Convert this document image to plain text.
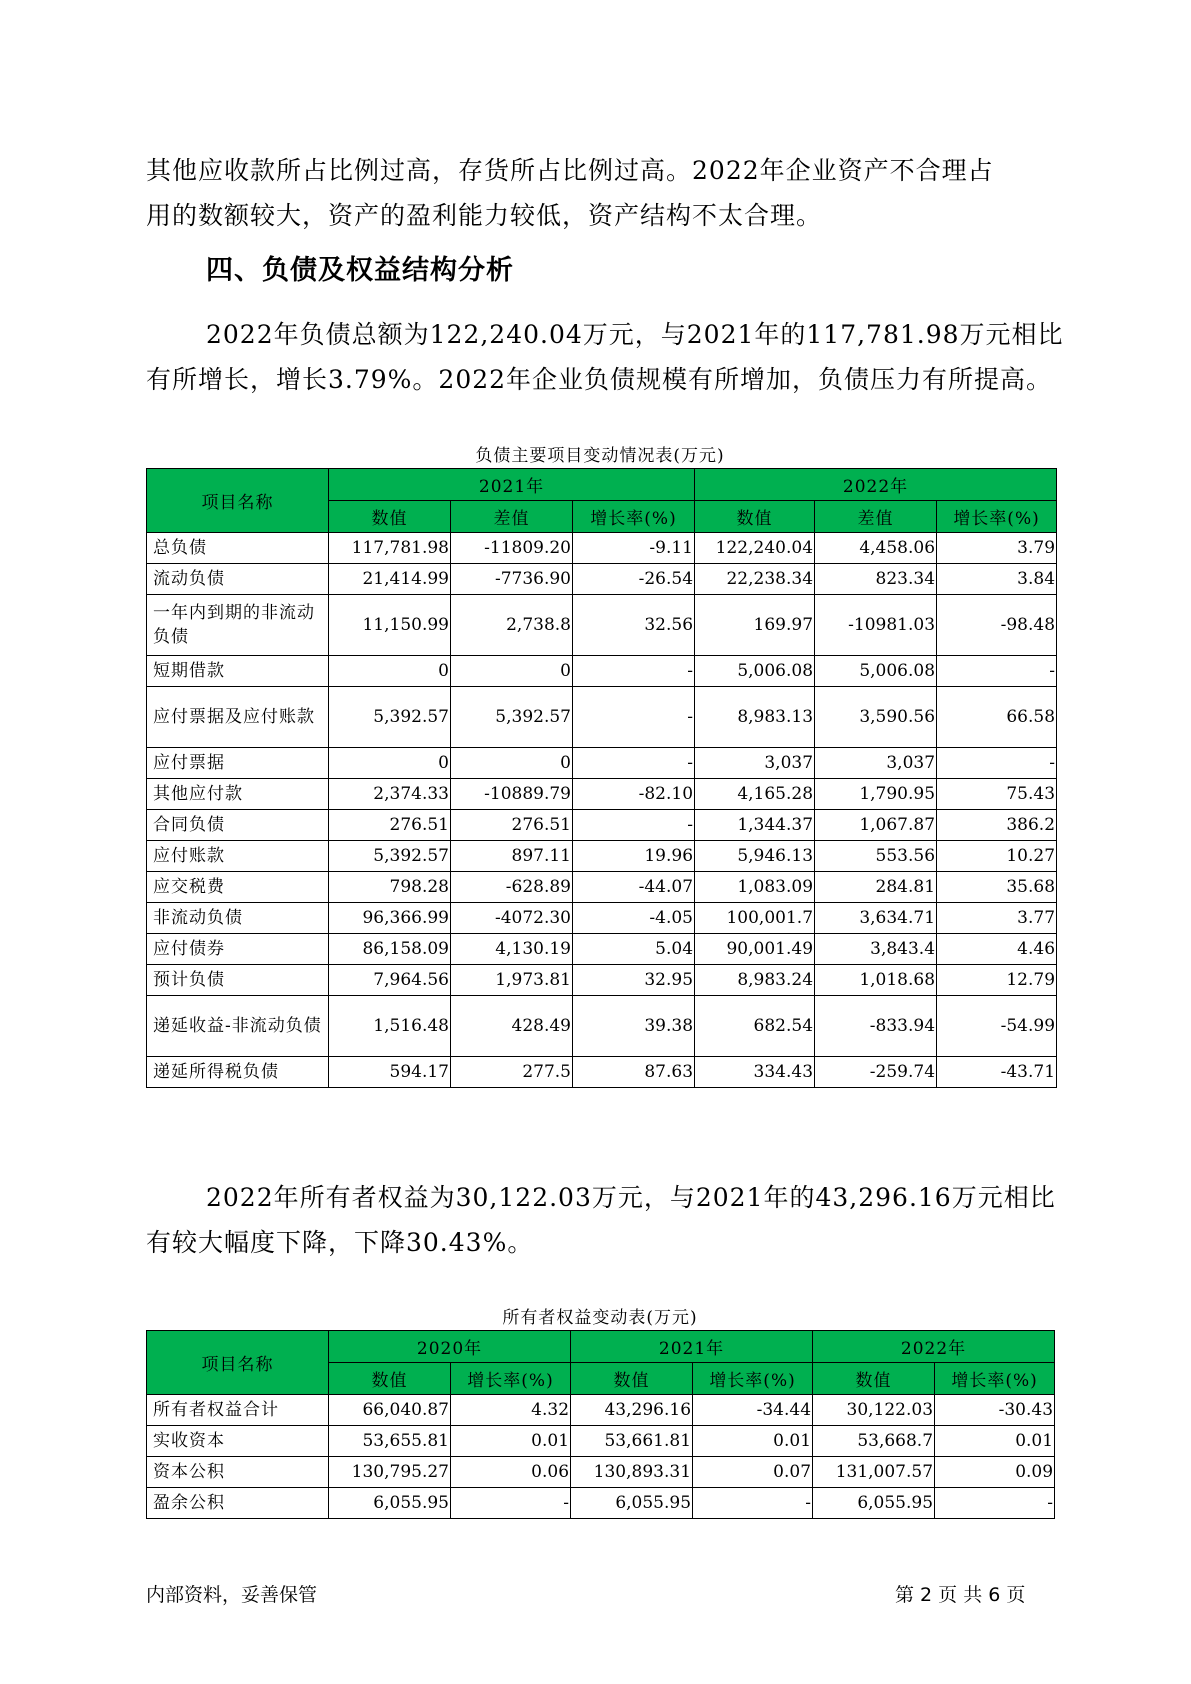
其他应收款所占比例过高，存货所占比例过高。2022年企业资产不合理占

用的数额较大，资产的盈利能力较低，资产结构不太合理。

四、负债及权益结构分析

2022年负债总额为122,240.04万元，与2021年的117,781.98万元相比

有所增长，增长3.79%。2022年企业负债规模有所增加，负债压力有所提高。

负债主要项目变动情况表(万元)
项目名称	2021年			2022年		
	数值	差值	增长率(%)	数值	差值	增长率(%)
总负债	117,781.98	-11809.20	-9.11	122,240.04	4,458.06	3.79
流动负债	21,414.99	-7736.90	-26.54	22,238.34	823.34	3.84
一年内到期的非流动负债	11,150.99	2,738.8	32.56	169.97	-10981.03	-98.48
短期借款	0	0	-	5,006.08	5,006.08	-
应付票据及应付账款	5,392.57	5,392.57	-	8,983.13	3,590.56	66.58
应付票据	0	0	-	3,037	3,037	-
其他应付款	2,374.33	-10889.79	-82.10	4,165.28	1,790.95	75.43
合同负债	276.51	276.51	-	1,344.37	1,067.87	386.2
应付账款	5,392.57	897.11	19.96	5,946.13	553.56	10.27
应交税费	798.28	-628.89	-44.07	1,083.09	284.81	35.68
非流动负债	96,366.99	-4072.30	-4.05	100,001.7	3,634.71	3.77
应付债券	86,158.09	4,130.19	5.04	90,001.49	3,843.4	4.46
预计负债	7,964.56	1,973.81	32.95	8,983.24	1,018.68	12.79
递延收益-非流动负债	1,516.48	428.49	39.38	682.54	-833.94	-54.99
递延所得税负债	594.17	277.5	87.63	334.43	-259.74	-43.71

2022年所有者权益为30,122.03万元，与2021年的43,296.16万元相比

有较大幅度下降，下降30.43%。

所有者权益变动表(万元)
项目名称	2020年		2021年		2022年	
	数值	增长率(%)	数值	增长率(%)	数值	增长率(%)
所有者权益合计	66,040.87	4.32	43,296.16	-34.44	30,122.03	-30.43
实收资本	53,655.81	0.01	53,661.81	0.01	53,668.7	0.01
资本公积	130,795.27	0.06	130,893.31	0.07	131,007.57	0.09
盈余公积	6,055.95	-	6,055.95	-	6,055.95	-
内部资料，妥善保管	第 2 页 共 6 页
